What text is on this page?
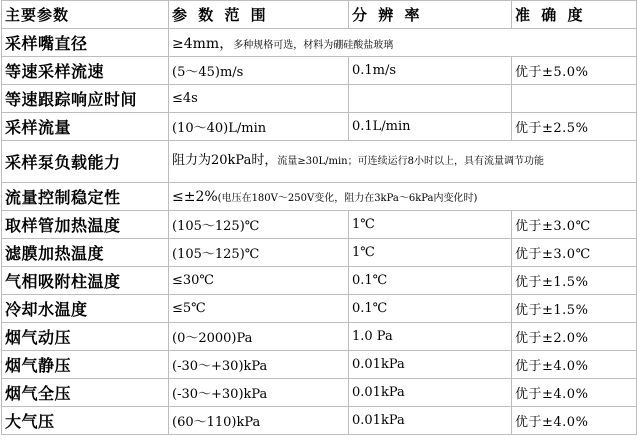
主要参数	参 数 范 围	分 辨 率	准 确 度
采样嘴直径	≥4mm，多种规格可选，材料为硼硅酸盐玻璃		
等速采样流速	(5～45)m/s	0.1m/s	优于±5.0%
等速跟踪响应时间	≤4s		
采样流量	(10～40)L/min	0.1L/min	优于±2.5%
采样泵负载能力	阻力为20kPa时，流量≥30L/min；可连续运行8小时以上，具有流量调节功能		
流量控制稳定性	≤±2%(电压在180V～250V变化，阻力在3kPa～6kPa内变化时)		
取样管加热温度	(105～125)℃	1℃	优于±3.0℃
滤膜加热温度	(105～125)℃	1℃	优于±3.0℃
气相吸附柱温度	≤30℃	0.1℃	优于±1.5%
冷却水温度	≤5℃	0.1℃	优于±1.5%
烟气动压	(0～2000)Pa	1.0 Pa	优于±2.0%
烟气静压	(-30～+30)kPa	0.01kPa	优于±4.0%
烟气全压	(-30～+30)kPa	0.01kPa	优于±4.0%
大气压	(60～110)kPa	0.01kPa	优于±4.0%
